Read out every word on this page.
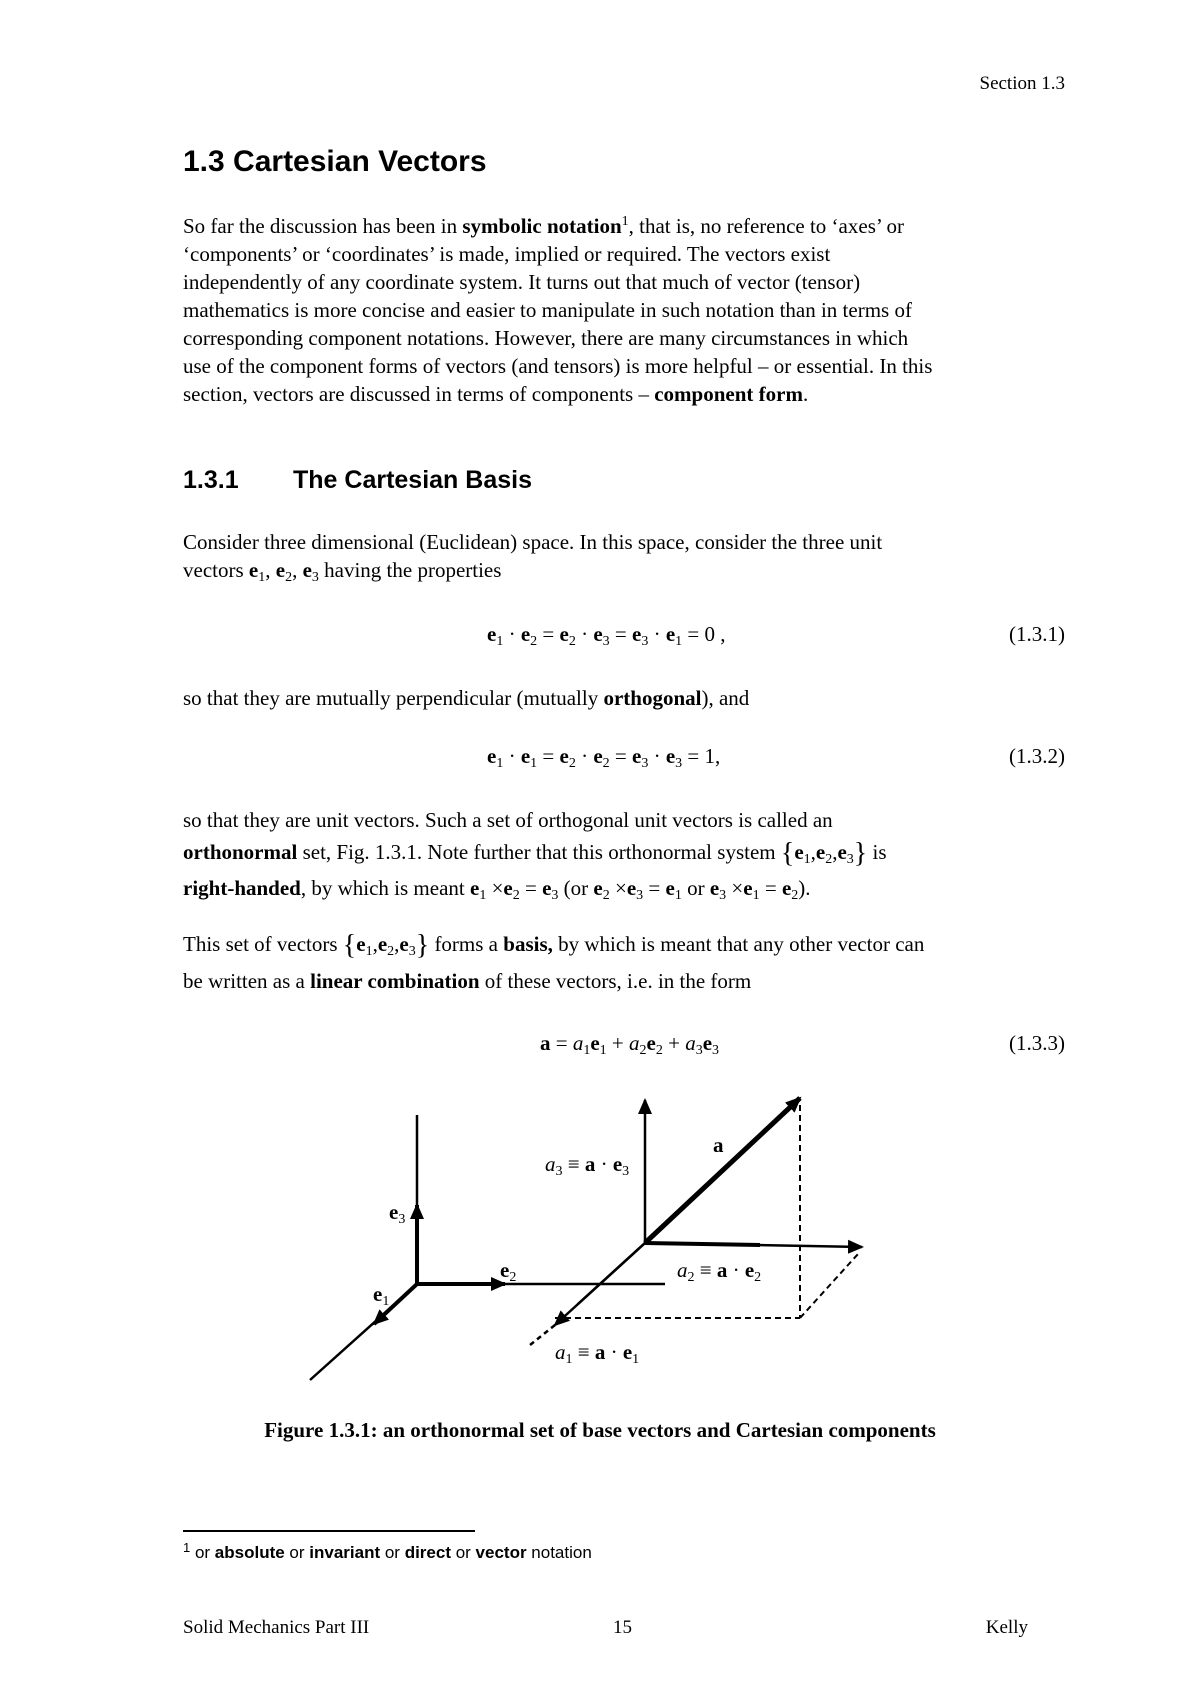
Section 1.3
1.3 Cartesian Vectors
So far the discussion has been in symbolic notation$^1$, that is, no reference to ‘axes’ or
‘components’ or ‘coordinates’ is made, implied or required. The vectors exist
independently of any coordinate system. It turns out that much of vector (tensor)
mathematics is more concise and easier to manipulate in such notation than in terms of
corresponding component notations. However, there are many circumstances in which
use of the component forms of vectors (and tensors) is more helpful – or essential. In this
section, vectors are discussed in terms of components – component form.
1.3.1 The Cartesian Basis
Consider three dimensional (Euclidean) space. In this space, consider the three unit
vectors $e_1$, $e_2$, $e_3$ having the properties
$e_1 \cdot e_2 = e_2 \cdot e_3 = e_3 \cdot e_1 = 0$ ,	(1.3.1)
so that they are mutually perpendicular (mutually orthogonal), and
$e_1 \cdot e_1 = e_2 \cdot e_2 = e_3 \cdot e_3 = 1$,	(1.3.2)
so that they are unit vectors. Such a set of orthogonal unit vectors is called an
orthonormal set, Fig. 1.3.1. Note further that this orthonormal system $\{e_1,e_2,e_3\}$ is
right-handed, by which is meant $e_1 \times e_2 = e_3$ (or $e_2 \times e_3 = e_1$ or $e_3 \times e_1 = e_2$).
This set of vectors $\{e_1,e_2,e_3\}$ forms a basis, by which is meant that any other vector can
be written as a linear combination of these vectors, i.e. in the form
$a = a_1e_1 + a_2e_2 + a_3e_3$	(1.3.3)
$e_3$
$e_2$
$e_1$
a
$a_3 \equiv a \cdot e_3$
$a_2 \equiv a \cdot e_2$
$a_1 \equiv a \cdot e_1$
Figure 1.3.1: an orthonormal set of base vectors and Cartesian components
$^1$ or absolute or invariant or direct or vector notation
Solid Mechanics Part III	15	Kelly
